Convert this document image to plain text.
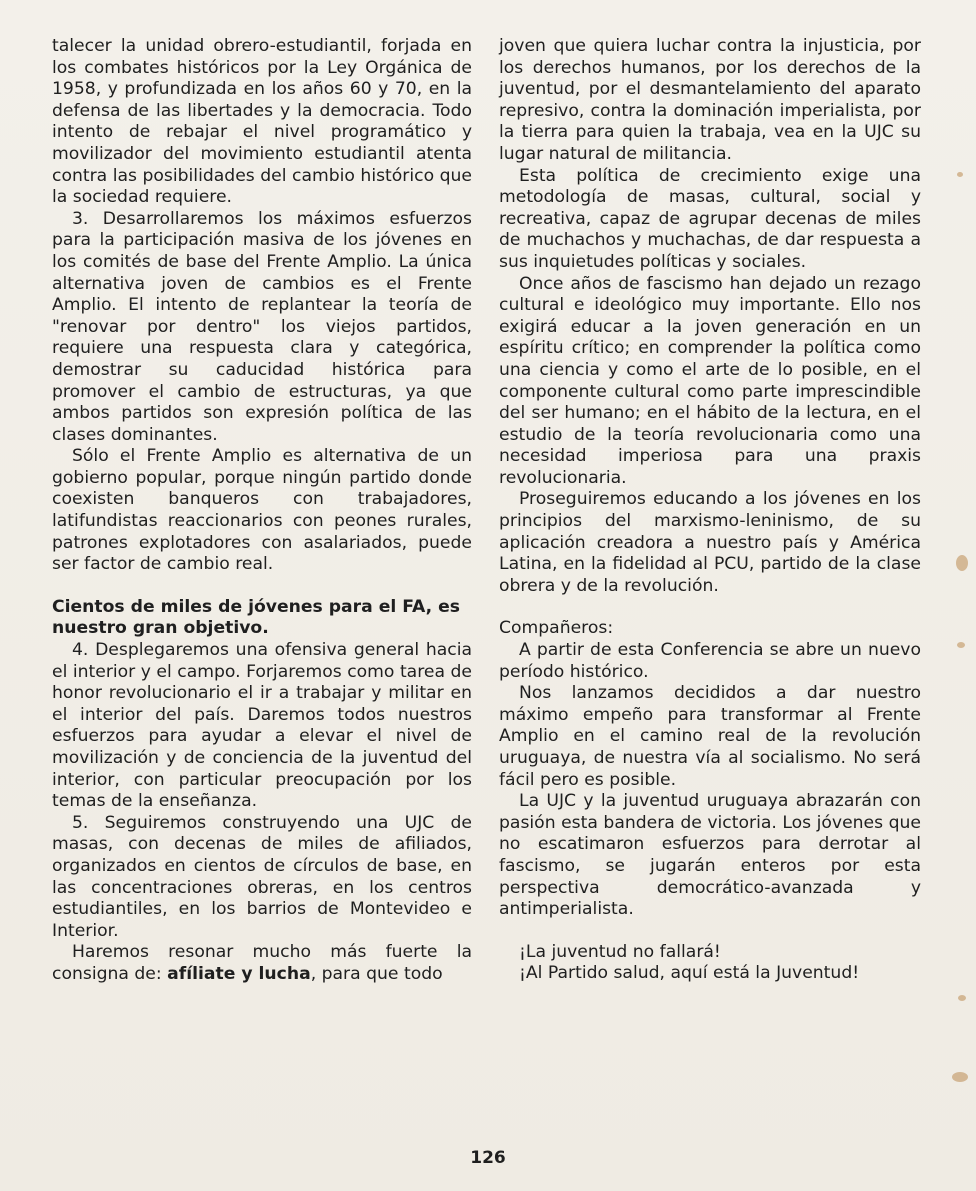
talecer la unidad obrero-estudiantil, forjada en los combates históricos por la Ley Orgánica de 1958, y profundizada en los años 60 y 70, en la defensa de las libertades y la democracia. Todo intento de rebajar el nivel programático y movilizador del movimiento estudiantil atenta contra las posibilidades del cambio histórico que la sociedad requiere.

3. Desarrollaremos los máximos esfuerzos para la participación masiva de los jóvenes en los comités de base del Frente Amplio. La única alternativa joven de cambios es el Frente Amplio. El intento de replantear la teoría de "renovar por dentro" los viejos partidos, requiere una respuesta clara y categórica, demostrar su caducidad histórica para promover el cambio de estructuras, ya que ambos partidos son expresión política de las clases dominantes.

Sólo el Frente Amplio es alternativa de un gobierno popular, porque ningún partido donde coexisten banqueros con trabajadores, latifundistas reaccionarios con peones rurales, patrones explotadores con asalariados, puede ser factor de cambio real.

Cientos de miles de jóvenes para el FA, es nuestro gran objetivo.

4. Desplegaremos una ofensiva general hacia el interior y el campo. Forjaremos como tarea de honor revolucionario el ir a trabajar y militar en el interior del país. Daremos todos nuestros esfuerzos para ayudar a elevar el nivel de movilización y de conciencia de la juventud del interior, con particular preocupación por los temas de la enseñanza.

5. Seguiremos construyendo una UJC de masas, con decenas de miles de afiliados, organizados en cientos de círculos de base, en las concentraciones obreras, en los centros estudiantiles, en los barrios de Montevideo e Interior.

Haremos resonar mucho más fuerte la consigna de: afíliate y lucha, para que todo

joven que quiera luchar contra la injusticia, por los derechos humanos, por los derechos de la juventud, por el desmantelamiento del aparato represivo, contra la dominación imperialista, por la tierra para quien la trabaja, vea en la UJC su lugar natural de militancia.

Esta política de crecimiento exige una metodología de masas, cultural, social y recreativa, capaz de agrupar decenas de miles de muchachos y muchachas, de dar respuesta a sus inquietudes políticas y sociales.

Once años de fascismo han dejado un rezago cultural e ideológico muy importante. Ello nos exigirá educar a la joven generación en un espíritu crítico; en comprender la política como una ciencia y como el arte de lo posible, en el componente cultural como parte imprescindible del ser humano; en el hábito de la lectura, en el estudio de la teoría revolucionaria como una necesidad imperiosa para una praxis revolucionaria.

Proseguiremos educando a los jóvenes en los principios del marxismo-leninismo, de su aplicación creadora a nuestro país y América Latina, en la fidelidad al PCU, partido de la clase obrera y de la revolución.

Compañeros:

A partir de esta Conferencia se abre un nuevo período histórico.

Nos lanzamos decididos a dar nuestro máximo empeño para transformar al Frente Amplio en el camino real de la revolución uruguaya, de nuestra vía al socialismo. No será fácil pero es posible.

La UJC y la juventud uruguaya abrazarán con pasión esta bandera de victoria. Los jóvenes que no escatimaron esfuerzos para derrotar al fascismo, se jugarán enteros por esta perspectiva democrático-avanzada y antimperialista.

¡La juventud no fallará!

¡Al Partido salud, aquí está la Juventud!

126
